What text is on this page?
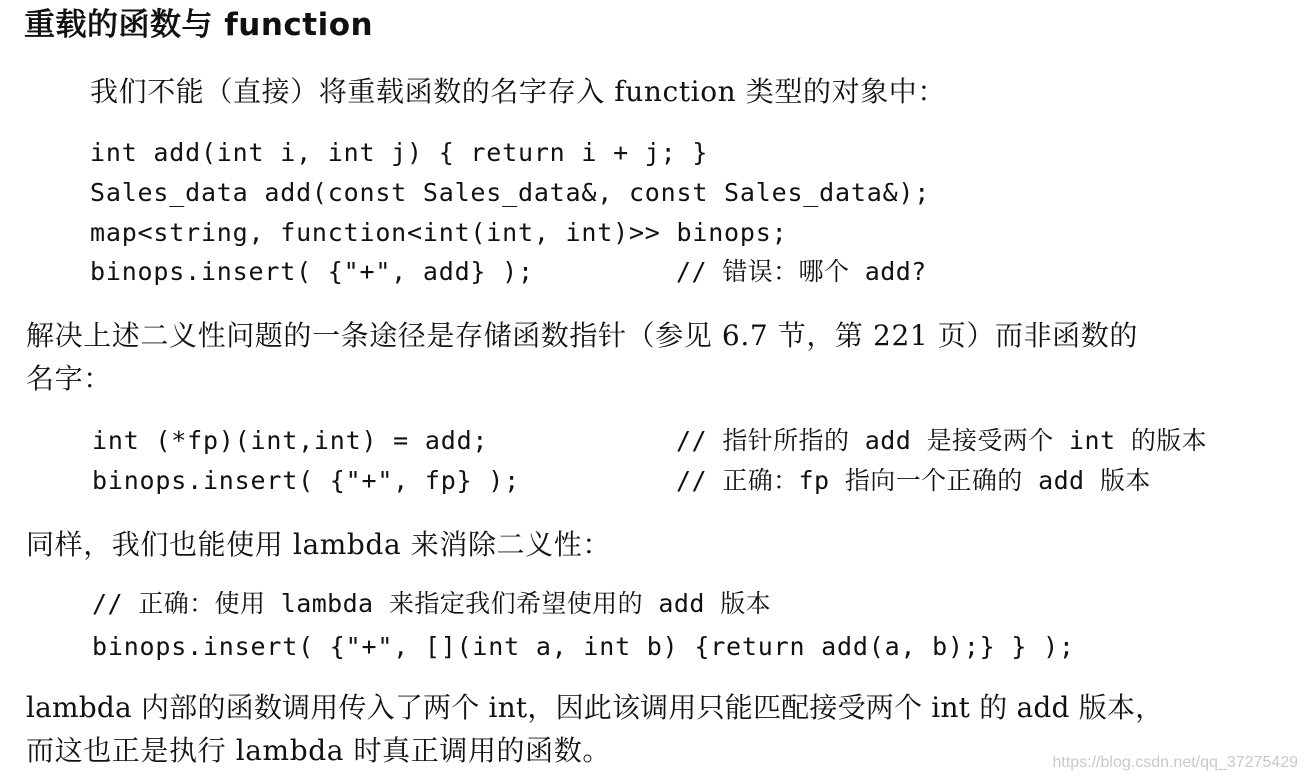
重载的函数与 function
我们不能（直接）将重载函数的名字存入 function 类型的对象中：
int add(int i, int j) { return i + j; }
Sales_data add(const Sales_data&, const Sales_data&);
map<string, function<int(int, int)>> binops;
binops.insert( {"+", add} );	// 错误：哪个 add?
解决上述二义性问题的一条途径是存储函数指针（参见 6.7 节，第 221 页）而非函数的
名字：
int (*fp)(int,int) = add;	// 指针所指的 add 是接受两个 int 的版本
binops.insert( {"+", fp} );	// 正确：fp 指向一个正确的 add 版本
同样，我们也能使用 lambda 来消除二义性：
// 正确：使用 lambda 来指定我们希望使用的 add 版本
binops.insert( {"+", [](int a, int b) {return add(a, b);} } );
lambda 内部的函数调用传入了两个 int，因此该调用只能匹配接受两个 int 的 add 版本，
而这也正是执行 lambda 时真正调用的函数。	https://blog.csdn.net/qq_37275429
